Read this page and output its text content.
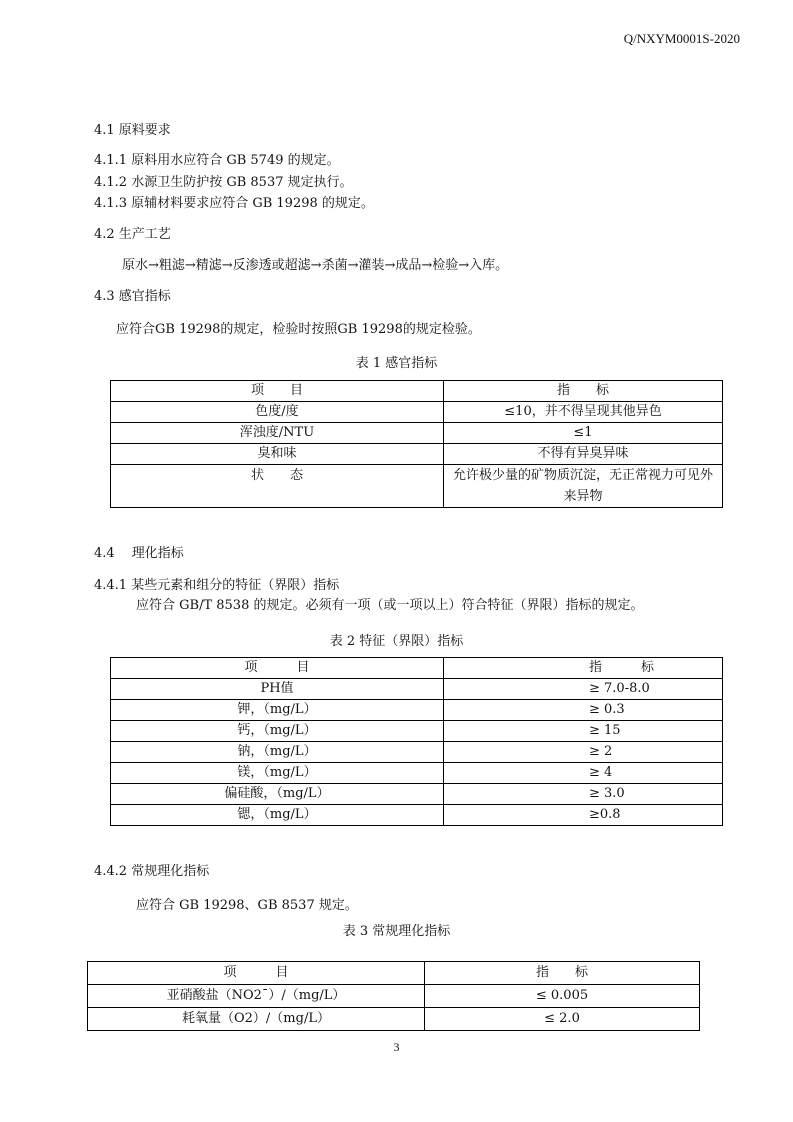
Q/NXYM0001S-2020
4.1 原料要求
4.1.1 原料用水应符合 GB 5749 的规定。
4.1.2 水源卫生防护按 GB 8537 规定执行。
4.1.3 原辅材料要求应符合 GB 19298 的规定。
4.2 生产工艺
原水→粗滤→精滤→反渗透或超滤→杀菌→灌装→成品→检验→入库。
4.3 感官指标
应符合GB 19298的规定，检验时按照GB 19298的规定检验。
表 1 感官指标
项　　目	指　　标
色度/度	≤10，并不得呈现其他异色
浑浊度/NTU	≤1
臭和味	不得有异臭异味
状　　态	允许极少量的矿物质沉淀，无正常视力可见外来异物
4.4　 理化指标
4.4.1 某些元素和组分的特征（界限）指标
应符合 GB/T 8538 的规定。必须有一项（或一项以上）符合特征（界限）指标的规定。
表 2 特征（界限）指标
项　　　目	指　　　标
PH值	≥ 7.0-8.0
钾，（mg/L）	≥ 0.3
钙，（mg/L）	≥ 15
钠，（mg/L）	≥ 2
镁，（mg/L）	≥ 4
偏硅酸，（mg/L）	≥ 3.0
锶，（mg/L）	≥0.8
4.4.2 常规理化指标
应符合 GB 19298、GB 8537 规定。
表 3 常规理化指标
项　　　目	指　　标
亚硝酸盐（NO2¯）/（mg/L）	≤ 0.005
耗氧量（O2）/（mg/L）	≤ 2.0
3
